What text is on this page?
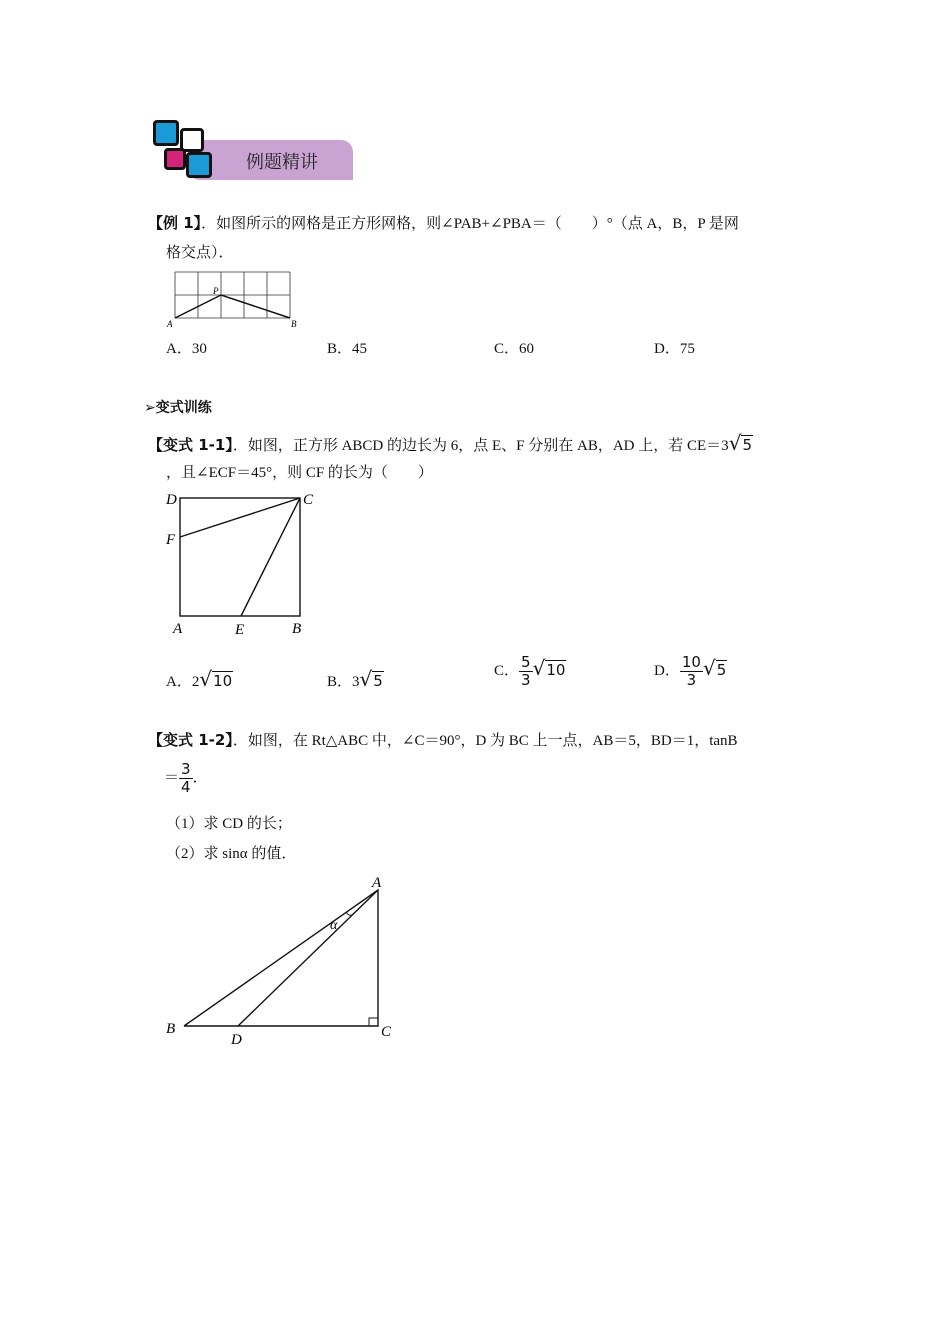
例题精讲
【例 1】．如图所示的网格是正方形网格，则∠PAB+∠PBA＝（　　）°（点 A，B，P 是网
格交点）．
P
A	B
A．30	B．45	C．60	D．75
➢变式训练
【变式 1-1】．如图，正方形 ABCD 的边长为 6，点 E、F 分别在 AB，AD 上，若 CE＝3√5
，且∠ECF＝45°，则 CF 的长为（　　）
D	C
F
A	E	B
A．2√10	B．3√5
C． $\frac{5}{3} √10$	D． $\frac{10}{3} √5$
【变式 1-2】．如图，在 Rt△ABC 中，∠C＝90°，D 为 BC 上一点，AB＝5，BD＝1，tanB
＝ $\frac{3}{4}$ ．
（1）求 CD 的长；
（2）求 sinα 的值．
A
B	C
D
α
